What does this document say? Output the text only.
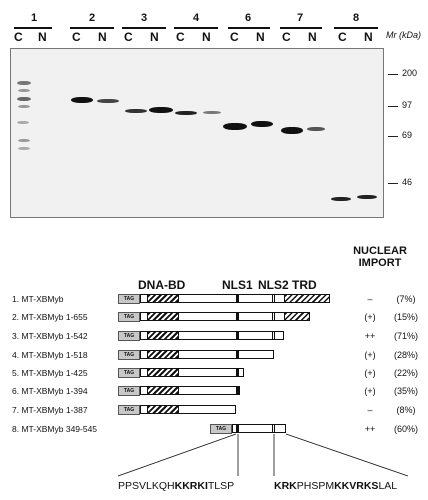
1	2	3	4	6	7	8
C N C N C N C N C N C N C N Mr (kDa)
200
97
69
46
NUCLEAR
IMPORT
DNA-BD	NLS1 NLS2 TRD
1. MT-XBMyb	TAG	–	(7%)
2. MT-XBMyb 1-655	TAG	(+)	(15%)
3. MT-XBMyb 1-542	TAG	++	(71%)
4. MT-XBMyb 1-518	TAG	(+)	(28%)
5. MT-XBMyb 1-425	TAG	(+)	(22%)
6. MT-XBMyb 1-394	TAG	(+)	(35%)
7. MT-XBMyb 1-387	TAG	–	(8%)
8. MT-XBMyb 349-545	TAG	++	(60%)
PPSVLKQHKKRKITLSP	KRKPHSPMKKVRKSLAL
